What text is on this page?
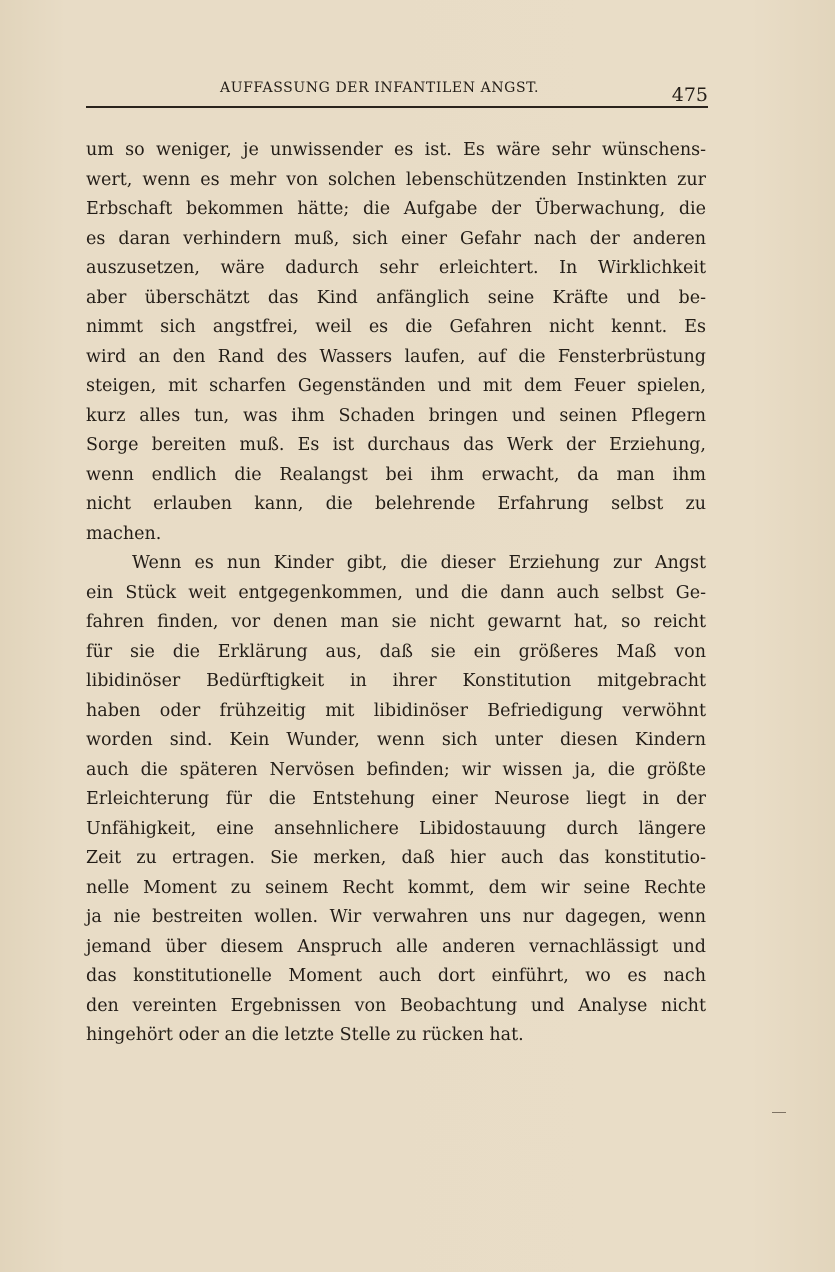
AUFFASSUNG DER INFANTILEN ANGST.	475
um so weniger, je unwissender es ist. Es wäre sehr wünschens-
wert, wenn es mehr von solchen lebenschützenden Instinkten zur
Erbschaft bekommen hätte; die Aufgabe der Überwachung, die
es daran verhindern muß, sich einer Gefahr nach der anderen
auszusetzen, wäre dadurch sehr erleichtert. In Wirklichkeit
aber überschätzt das Kind anfänglich seine Kräfte und be-
nimmt sich angstfrei, weil es die Gefahren nicht kennt. Es
wird an den Rand des Wassers laufen, auf die Fensterbrüstung
steigen, mit scharfen Gegenständen und mit dem Feuer spielen,
kurz alles tun, was ihm Schaden bringen und seinen Pflegern
Sorge bereiten muß. Es ist durchaus das Werk der Erziehung,
wenn endlich die Realangst bei ihm erwacht, da man ihm
nicht erlauben kann, die belehrende Erfahrung selbst zu
machen.
Wenn es nun Kinder gibt, die dieser Erziehung zur Angst
ein Stück weit entgegenkommen, und die dann auch selbst Ge-
fahren finden, vor denen man sie nicht gewarnt hat, so reicht
für sie die Erklärung aus, daß sie ein größeres Maß von
libidinöser Bedürftigkeit in ihrer Konstitution mitgebracht
haben oder frühzeitig mit libidinöser Befriedigung verwöhnt
worden sind. Kein Wunder, wenn sich unter diesen Kindern
auch die späteren Nervösen befinden; wir wissen ja, die größte
Erleichterung für die Entstehung einer Neurose liegt in der
Unfähigkeit, eine ansehnlichere Libidostauung durch längere
Zeit zu ertragen. Sie merken, daß hier auch das konstitutio-
nelle Moment zu seinem Recht kommt, dem wir seine Rechte
ja nie bestreiten wollen. Wir verwahren uns nur dagegen, wenn
jemand über diesem Anspruch alle anderen vernachlässigt und
das konstitutionelle Moment auch dort einführt, wo es nach
den vereinten Ergebnissen von Beobachtung und Analyse nicht
hingehört oder an die letzte Stelle zu rücken hat.
